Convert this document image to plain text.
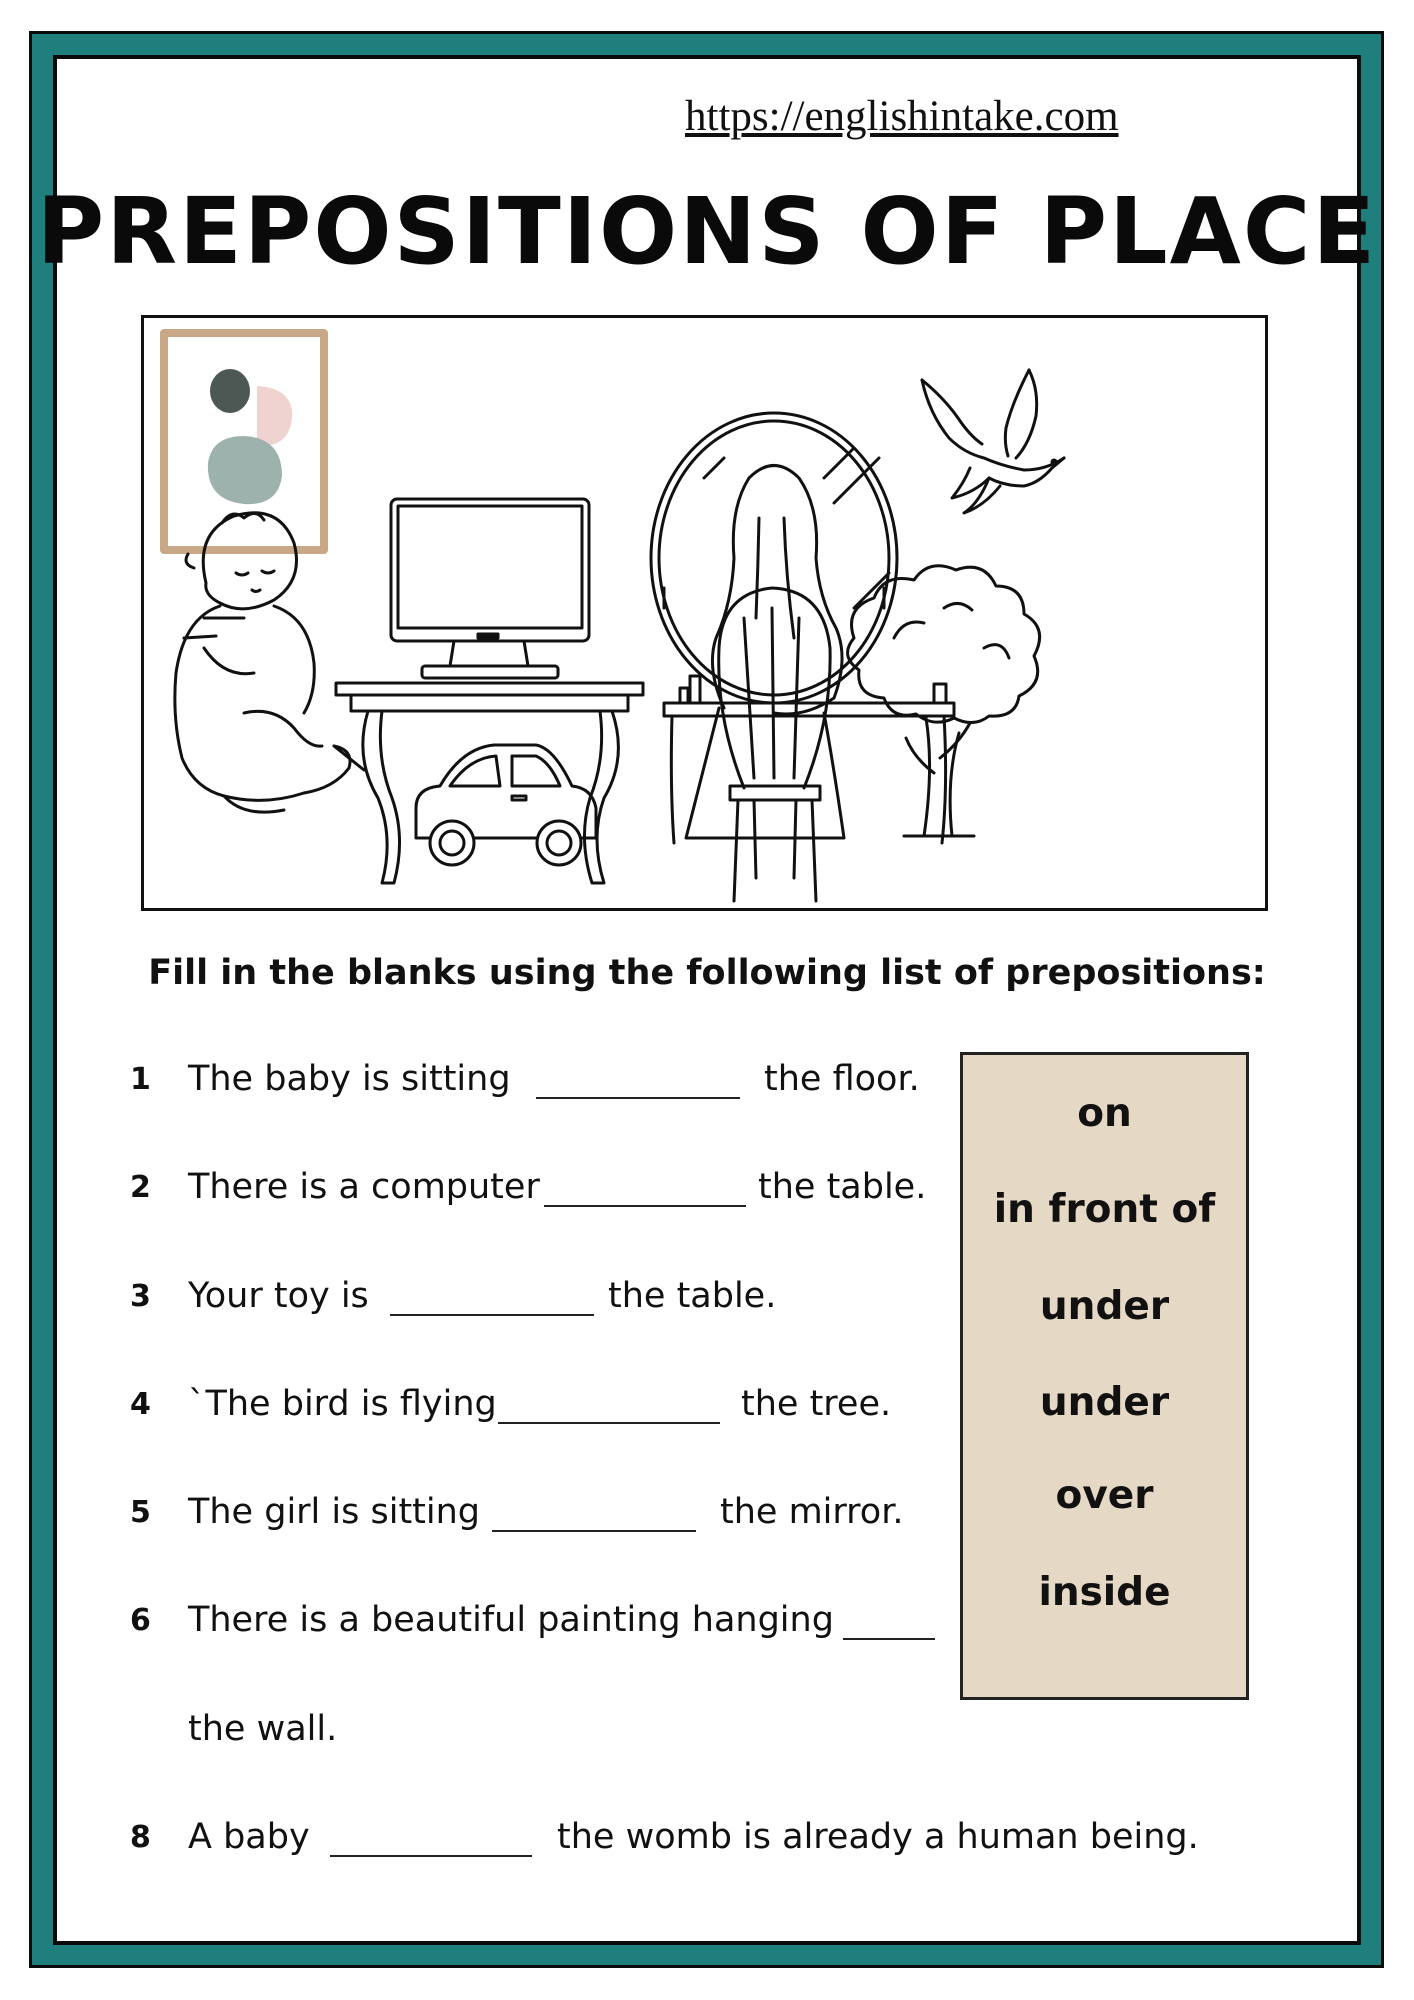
https://englishintake.com
PREPOSITIONS OF PLACE
Fill in the blanks using the following list of prepositions:
1	The baby is sitting	the floor.
2	There is a computer	the table.
3	Your toy is	the table.
4	`The bird is flying	the tree.
5	The girl is sitting	the mirror.
6	There is a beautiful painting hanging
the wall.
8	A baby	the womb is already a human being.
on
in front of
under
under
over
inside
